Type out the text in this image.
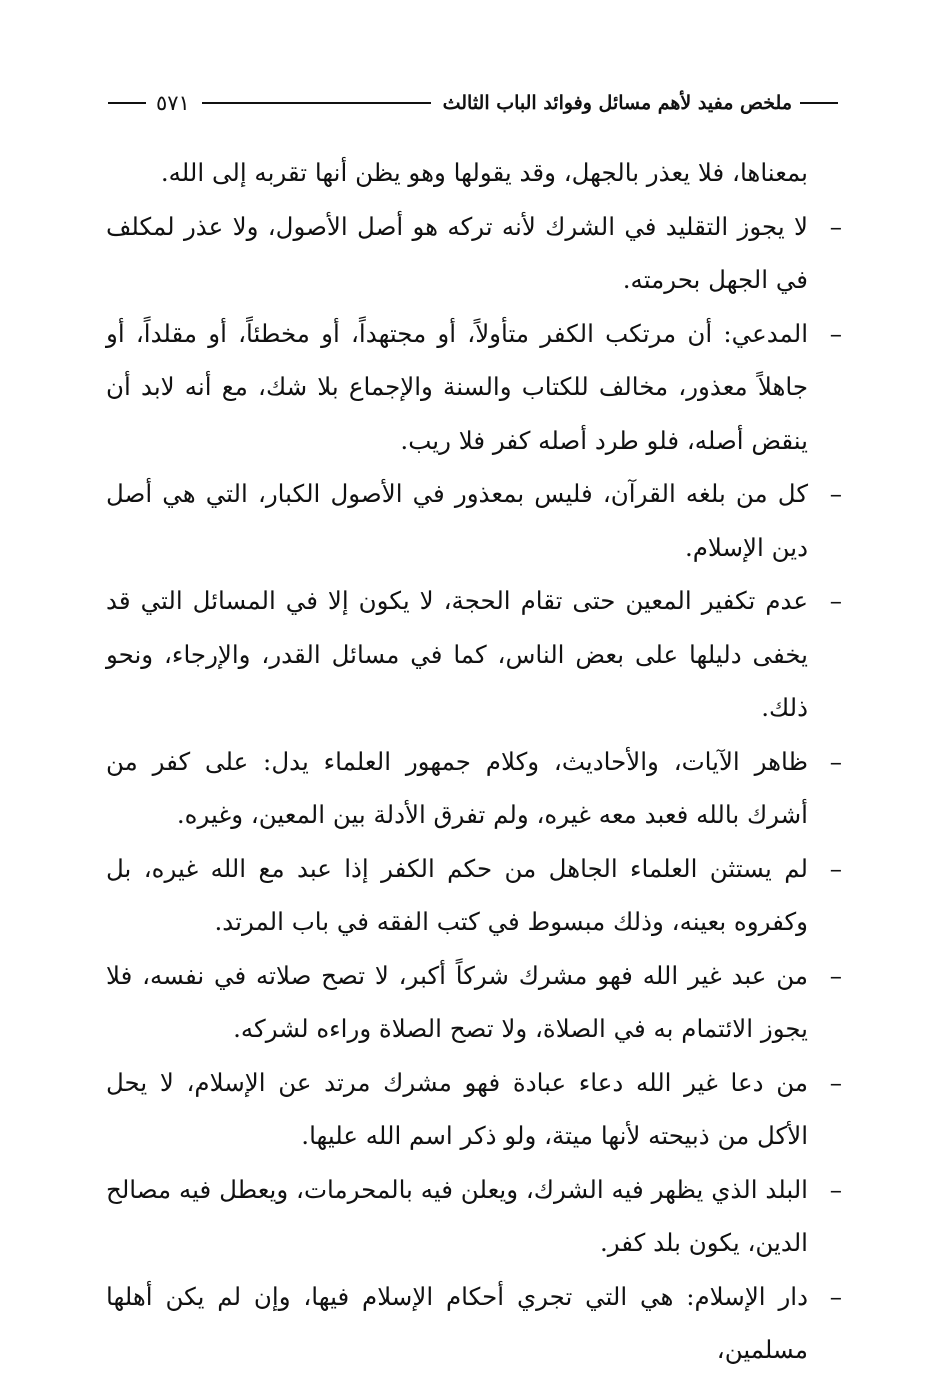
ملخص مفيد لأهم مسائل وفوائد الباب الثالث
٥٧١

بمعناها، فلا يعذر بالجهل، وقد يقولها وهو يظن أنها تقربه إلى الله.

–

لا يجوز التقليد في الشرك لأنه تركه هو أصل الأصول، ولا عذر لمكلف في الجهل بحرمته.

–

المدعي: أن مرتكب الكفر متأولاً، أو مجتهداً، أو مخطئاً، أو مقلداً، أو جاهلاً معذور، مخالف للكتاب والسنة والإجماع بلا شك، مع أنه لابد أن ينقض أصله، فلو طرد أصله كفر فلا ريب.

–

كل من بلغه القرآن، فليس بمعذور في الأصول الكبار، التي هي أصل دين الإسلام.

–

عدم تكفير المعين حتى تقام الحجة، لا يكون إلا في المسائل التي قد يخفى دليلها على بعض الناس، كما في مسائل القدر، والإرجاء، ونحو ذلك.

–

ظاهر الآيات، والأحاديث، وكلام جمهور العلماء يدل: على كفر من أشرك بالله فعبد معه غيره، ولم تفرق الأدلة بين المعين، وغيره.

–

لم يستثن العلماء الجاهل من حكم الكفر إذا عبد مع الله غيره، بل وكفروه بعينه، وذلك مبسوط في كتب الفقه في باب المرتد.

–

من عبد غير الله فهو مشرك شركاً أكبر، لا تصح صلاته في نفسه، فلا يجوز الائتمام به في الصلاة، ولا تصح الصلاة وراءه لشركه.

–

من دعا غير الله دعاء عبادة فهو مشرك مرتد عن الإسلام، لا يحل الأكل من ذبيحته لأنها ميتة، ولو ذكر اسم الله عليها.

–

البلد الذي يظهر فيه الشرك، ويعلن فيه بالمحرمات، ويعطل فيه مصالح الدين، يكون بلد كفر.

–

دار الإسلام: هي التي تجري أحكام الإسلام فيها، وإن لم يكن أهلها مسلمين،
